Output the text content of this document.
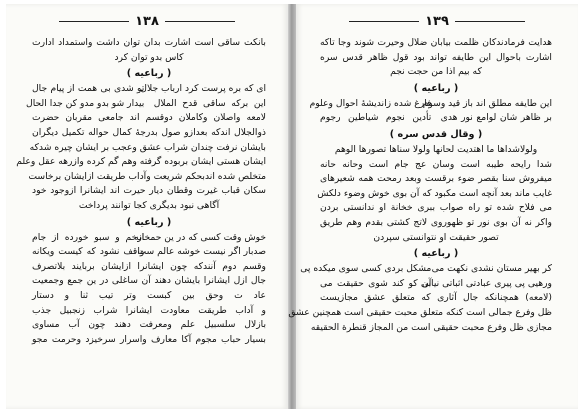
١٣٨
بانکت ساقی است اشارت بدان توان داشت واستمداد ادارت
کاس بدو توان کرد
( رباعیه )
ای که بره پرست کرد ارباب جلال
تو شدی بی همت از پیام جال
این برکه ساقی قدح الملال
بیدار شو بدو مدو کن جدا الحال
لامعه واصلان وکاملان دوقسم اند جامعی مقربان حضرت
ذوالجلال اندکه بعدازو صول بدرجهٔ کمال حواله تکمیل دیگران
بایشان نرفت چندان شراب عشق وعجب بر ایشان چیره شدکه
ایشان هستی ایشان بربوده گرفته وهم گم کرده وازرهه عقل وعلم
متخلص شده اندبحکم شریعت وآداب طریقت ازایشان برخاست
سکان قباب غیرت وقطان دیار حیرت اند ایشانرا ازوجود خود
آگاهی نبود بدیگری کجا توانند پرداخت
( رباعیه )
خوش وقت کسی که در ین حمخانه
ازخم و سبو خورده از جام
صدبار اگر نیست خوشه عالم ست
واقف نشود که کیست ویکانه
وقسم دوم آنندکه چون ایشانرا ازایشان بربایند بلاتصرف
جال ازل ایشانرا بایشان دهند آن ساغلی در ین جمع وجمعیت
عاد ت وحق بین کبست وتر تیب ثنا و دستار
و آداب طریقت معاودت ایشانرا شراب زنجبیل جذب
بازلال سلسبیل علم ومعرفت دهند چون آب مساوی
بسیار حباب مجوم آکا معارف واسرار سرخیزد وحرمت مجو
١٣٩
هدایت فرمادندکان ظلمت بیابان ضلال وحیرت شوند وجا تاکه
اشارت باحوال این طایفه تواند بود قول ظاهر قدس سره
که بیم اذا من حجت نجم
( رباعیه )
این طایفه مطلق اند باز قید وسوم
فارغ شده زاندیشهٔ احوال وعلوم
بر ظاهر شان لوامع نور هدی
تأدین نجوم شیاطین رجوم
( وقال قدس سره )
ولولاشداها ما اهتدیت لحانها ولولا سناها تصورها الوهم
شدا رایحه طیبه است وسان عج جام است وحانه حانه
میفروش سنا بقصر ضوء برقست وبعد رمحت همه شعیرهای
غایب ماند بعد آنچه است مکبود که آن بوی خوش وضوء دلکش
می فلاح شده تو راه صواب ببری خخانة او ندانستی بردن
واکر نه آن بوی نور تو ظهوروی لاتج کشتی بقدم وهم طریق
تصور حقیقت او نتوانستی سپردن
( رباعیه )
کر بهیر مستان نشدی نکهت می
مشکل بردی کسی سوی میکده پی
ورهیی پی پیری عبادتی اثباتی نیابی
آن کو کند شوی حقیقت می
(لامعه) همچنانکه جال آثاری که متعلق عشق مجازیست
ظل وفرع جمالی است کنکه متعلق محبت حقیقی است همچنین عشق
مجازی ظل وفرع محبت حقیقی است من المجاز قنطرة الحقیقه
